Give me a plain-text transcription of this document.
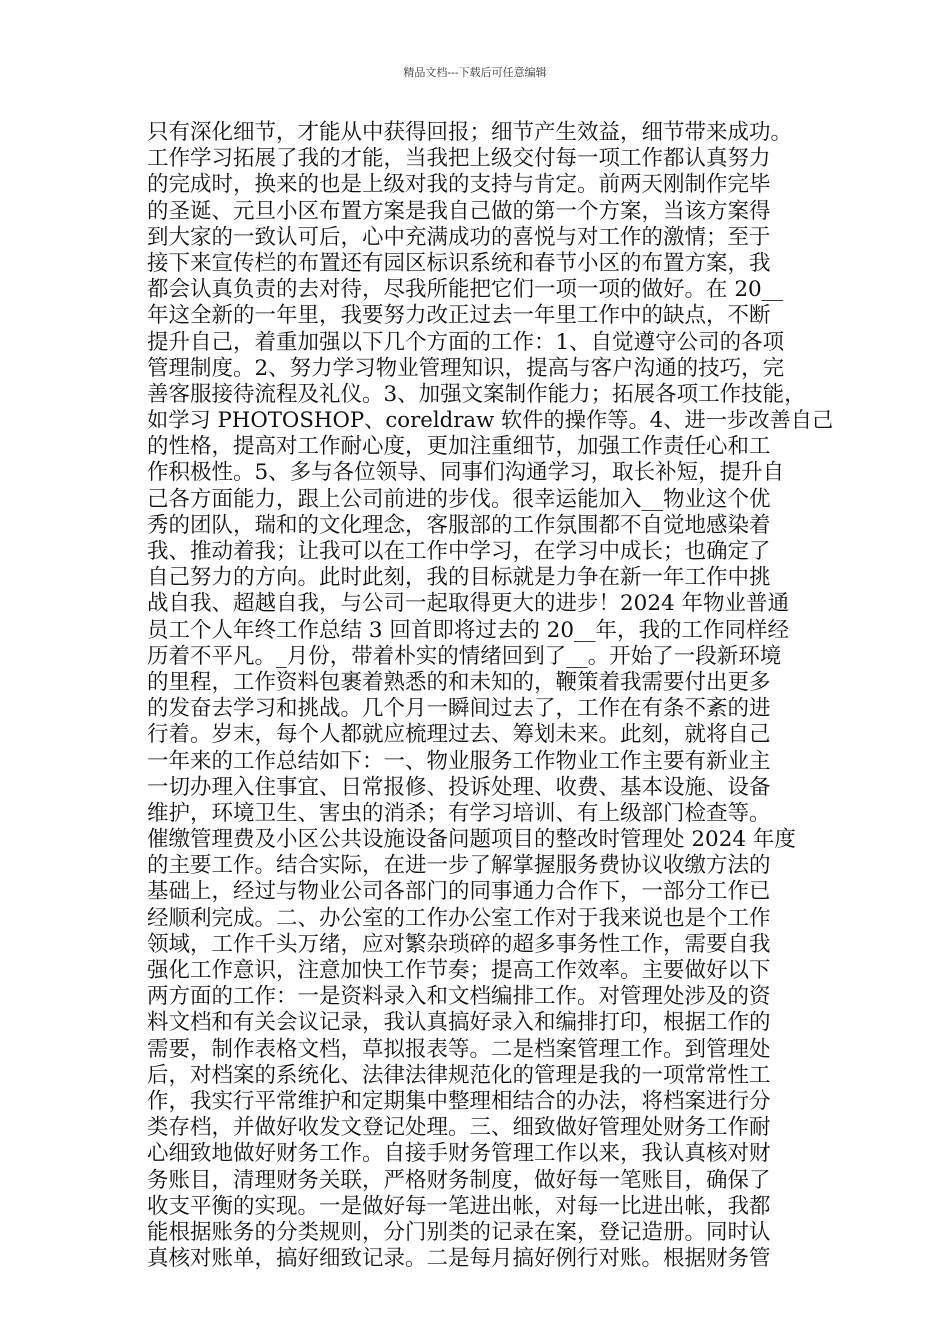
精品文档---下载后可任意编辑
只有深化细节，才能从中获得回报；细节产生效益，细节带来成功。
工作学习拓展了我的才能，当我把上级交付每一项工作都认真努力
的完成时，换来的也是上级对我的支持与肯定。前两天刚制作完毕
的圣诞、元旦小区布置方案是我自己做的第一个方案，当该方案得
到大家的一致认可后，心中充满成功的喜悦与对工作的激情；至于
接下来宣传栏的布置还有园区标识系统和春节小区的布置方案，我
都会认真负责的去对待，尽我所能把它们一项一项的做好。在 20__
年这全新的一年里，我要努力改正过去一年里工作中的缺点，不断
提升自己，着重加强以下几个方面的工作：1、自觉遵守公司的各项
管理制度。2、努力学习物业管理知识，提高与客户沟通的技巧，完
善客服接待流程及礼仪。3、加强文案制作能力；拓展各项工作技能，
如学习 PHOTOSHOP、coreldraw 软件的操作等。4、进一步改善自己
的性格，提高对工作耐心度，更加注重细节，加强工作责任心和工
作积极性。5、多与各位领导、同事们沟通学习，取长补短，提升自
己各方面能力，跟上公司前进的步伐。很幸运能加入__物业这个优
秀的团队，瑞和的文化理念，客服部的工作氛围都不自觉地感染着
我、推动着我；让我可以在工作中学习，在学习中成长；也确定了
自己努力的方向。此时此刻，我的目标就是力争在新一年工作中挑
战自我、超越自我，与公司一起取得更大的进步！2024 年物业普通
员工个人年终工作总结 3 回首即将过去的 20__年，我的工作同样经
历着不平凡。_月份，带着朴实的情绪回到了__。开始了一段新环境
的里程，工作资料包裹着熟悉的和未知的，鞭策着我需要付出更多
的发奋去学习和挑战。几个月一瞬间过去了，工作在有条不紊的进
行着。岁末，每个人都就应梳理过去、筹划未来。此刻，就将自己
一年来的工作总结如下：一、物业服务工作物业工作主要有新业主
一切办理入住事宜、日常报修、投诉处理、收费、基本设施、设备
维护，环境卫生、害虫的消杀；有学习培训、有上级部门检查等。
催缴管理费及小区公共设施设备问题项目的整改时管理处 2024 年度
的主要工作。结合实际，在进一步了解掌握服务费协议收缴方法的
基础上，经过与物业公司各部门的同事通力合作下，一部分工作已
经顺利完成。二、办公室的工作办公室工作对于我来说也是个工作
领域，工作千头万绪，应对繁杂琐碎的超多事务性工作，需要自我
强化工作意识，注意加快工作节奏；提高工作效率。主要做好以下
两方面的工作：一是资料录入和文档编排工作。对管理处涉及的资
料文档和有关会议记录，我认真搞好录入和编排打印，根据工作的
需要，制作表格文档，草拟报表等。二是档案管理工作。到管理处
后，对档案的系统化、法律法律规范化的管理是我的一项常常性工
作，我实行平常维护和定期集中整理相结合的办法，将档案进行分
类存档，并做好收发文登记处理。三、细致做好管理处财务工作耐
心细致地做好财务工作。自接手财务管理工作以来，我认真核对财
务账目，清理财务关联，严格财务制度，做好每一笔账目，确保了
收支平衡的实现。一是做好每一笔进出帐，对每一比进出帐，我都
能根据账务的分类规则，分门别类的记录在案，登记造册。同时认
真核对账单，搞好细致记录。二是每月搞好例行对账。根据财务管
